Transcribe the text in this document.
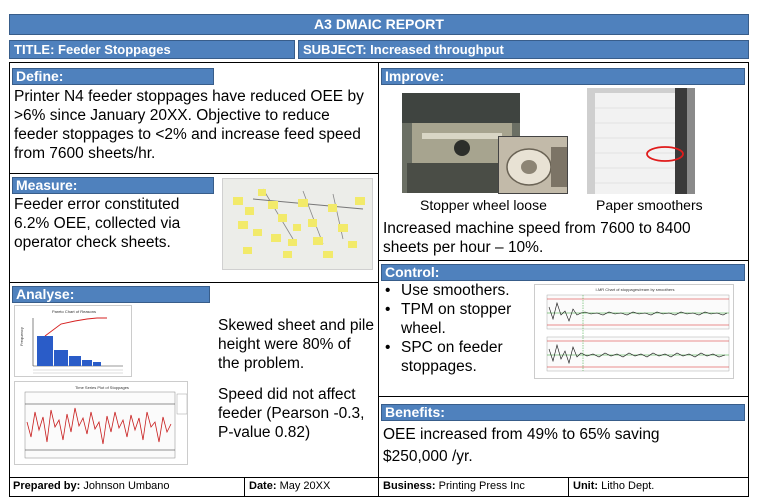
A3 DMAIC REPORT
TITLE: Feeder Stoppages	SUBJECT: Increased throughput
Define:
Printer N4 feeder stoppages have reduced OEE by >6% since January 20XX. Objective to reduce feeder stoppages to <2% and increase feed speed from 7600 sheets/hr.
Measure:
Feeder error constituted 6.2% OEE, collected via operator check sheets.
Analyse:
Pareto Chart of Reasons
Frequency
Time Series Plot of Stoppages
Skewed sheet and pile height were 80% of the problem.
Speed did not affect feeder (Pearson -0.3, P-value 0.82)
Improve:
Stopper wheel loose	Paper smoothers
Increased machine speed from 7600 to 8400 sheets per hour – 10%.
Control:
• Use smoothers.
• TPM on stopper wheel.
• SPC on feeder stoppages.
I-MR Chart of stoppages/ream by smoothers
Benefits:
OEE increased from 49% to 65% saving $250,000 /yr.
Prepared by: Johnson Umbano	Date: May 20XX	Business: Printing Press Inc	Unit: Litho Dept.
